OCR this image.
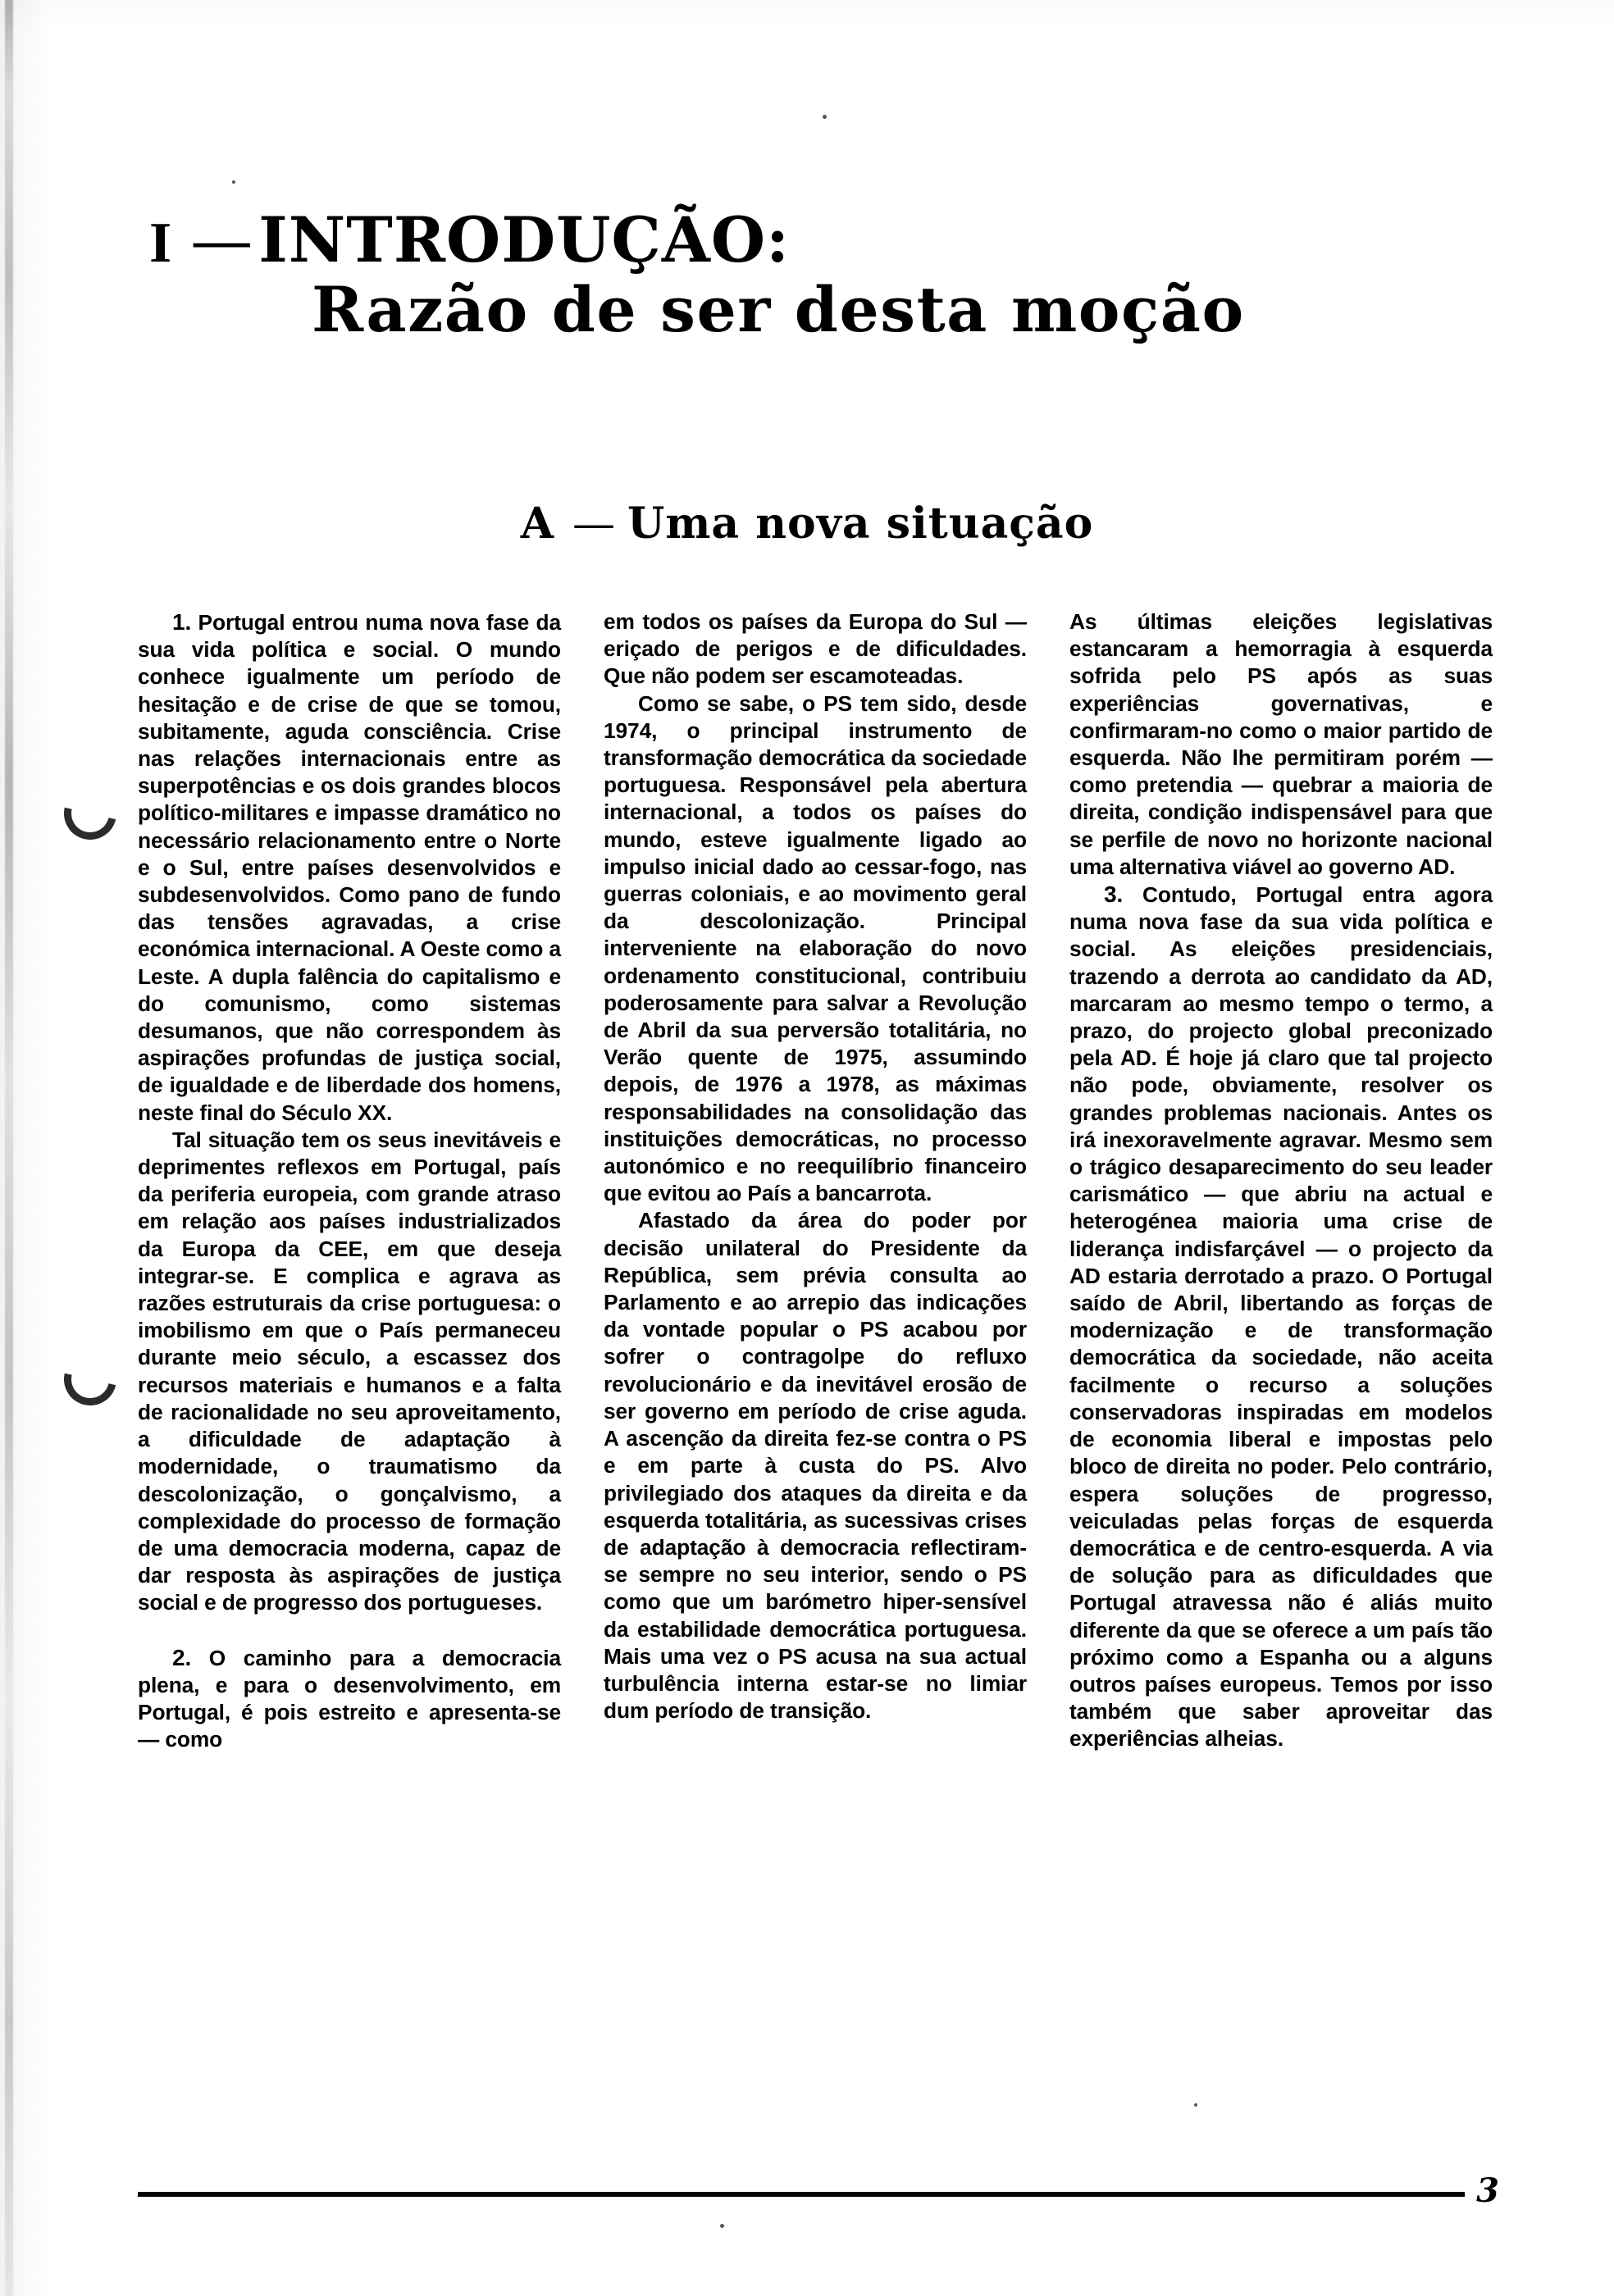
I —INTRODUÇÃO:
Razão de ser desta moção
A — Uma nova situação

1. Portugal entrou numa nova fase da sua vida política e social. O mundo conhece igualmente um período de hesitação e de crise de que se tomou, subitamente, aguda consciência. Crise nas relações internacionais entre as superpotências e os dois grandes blocos político-militares e impasse dramático no necessário relacionamento entre o Norte e o Sul, entre países desenvolvidos e subdesenvolvidos. Como pano de fundo das tensões agravadas, a crise económica internacional. A Oeste como a Leste. A dupla falência do capitalismo e do comunismo, como sistemas desumanos, que não correspondem às aspirações profundas de justiça social, de igualdade e de liberdade dos homens, neste final do Século XX.

Tal situação tem os seus inevitáveis e deprimentes reflexos em Portugal, país da periferia europeia, com grande atraso em relação aos países industrializados da Europa da CEE, em que deseja integrar-se. E complica e agrava as razões estruturais da crise portuguesa: o imobilismo em que o País permaneceu durante meio século, a escassez dos recursos materiais e humanos e a falta de racionalidade no seu aproveitamento, a dificuldade de adaptação à modernidade, o traumatismo da descolonização, o gonçalvismo, a complexidade do processo de formação de uma democracia moderna, capaz de dar resposta às aspirações de justiça social e de progresso dos portugueses.

2. O caminho para a democracia plena, e para o desenvolvimento, em Portugal, é pois estreito e apresenta-se — como

em todos os países da Europa do Sul — eriçado de perigos e de dificuldades. Que não podem ser escamoteadas.

Como se sabe, o PS tem sido, desde 1974, o principal instrumento de transformação democrática da sociedade portuguesa. Responsável pela abertura internacional, a todos os países do mundo, esteve igualmente ligado ao impulso inicial dado ao cessar-fogo, nas guerras coloniais, e ao movimento geral da descolonização. Principal interveniente na elaboração do novo ordenamento constitucional, contribuiu poderosamente para salvar a Revolução de Abril da sua perversão totalitária, no Verão quente de 1975, assumindo depois, de 1976 a 1978, as máximas responsabilidades na consolidação das instituições democráticas, no processo autonómico e no reequilíbrio financeiro que evitou ao País a bancarrota.

Afastado da área do poder por decisão unilateral do Presidente da República, sem prévia consulta ao Parlamento e ao arrepio das indicações da vontade popular o PS acabou por sofrer o contragolpe do refluxo revolucionário e da inevitável erosão de ser governo em período de crise aguda. A ascenção da direita fez-se contra o PS e em parte à custa do PS. Alvo privilegiado dos ataques da direita e da esquerda totalitária, as sucessivas crises de adaptação à democracia reflectiram-se sempre no seu interior, sendo o PS como que um barómetro hiper-sensível da estabilidade democrática portuguesa. Mais uma vez o PS acusa na sua actual turbulência interna estar-se no limiar dum período de transição.

As últimas eleições legislativas estancaram a hemorragia à esquerda sofrida pelo PS após as suas experiências governativas, e confirmaram-no como o maior partido de esquerda. Não lhe permitiram porém — como pretendia — quebrar a maioria de direita, condição indispensável para que se perfile de novo no horizonte nacional uma alternativa viável ao governo AD.

3. Contudo, Portugal entra agora numa nova fase da sua vida política e social. As eleições presidenciais, trazendo a derrota ao candidato da AD, marcaram ao mesmo tempo o termo, a prazo, do projecto global preconizado pela AD. É hoje já claro que tal projecto não pode, obviamente, resolver os grandes problemas nacionais. Antes os irá inexoravelmente agravar. Mesmo sem o trágico desaparecimento do seu leader carismático — que abriu na actual e heterogénea maioria uma crise de liderança indisfarçável — o projecto da AD estaria derrotado a prazo. O Portugal saído de Abril, libertando as forças de modernização e de transformação democrática da sociedade, não aceita facilmente o recurso a soluções conservadoras inspiradas em modelos de economia liberal e impostas pelo bloco de direita no poder. Pelo contrário, espera soluções de progresso, veiculadas pelas forças de esquerda democrática e de centro-esquerda. A via de solução para as dificuldades que Portugal atravessa não é aliás muito diferente da que se oferece a um país tão próximo como a Espanha ou a alguns outros países europeus. Temos por isso também que saber aproveitar das experiências alheias.

3
